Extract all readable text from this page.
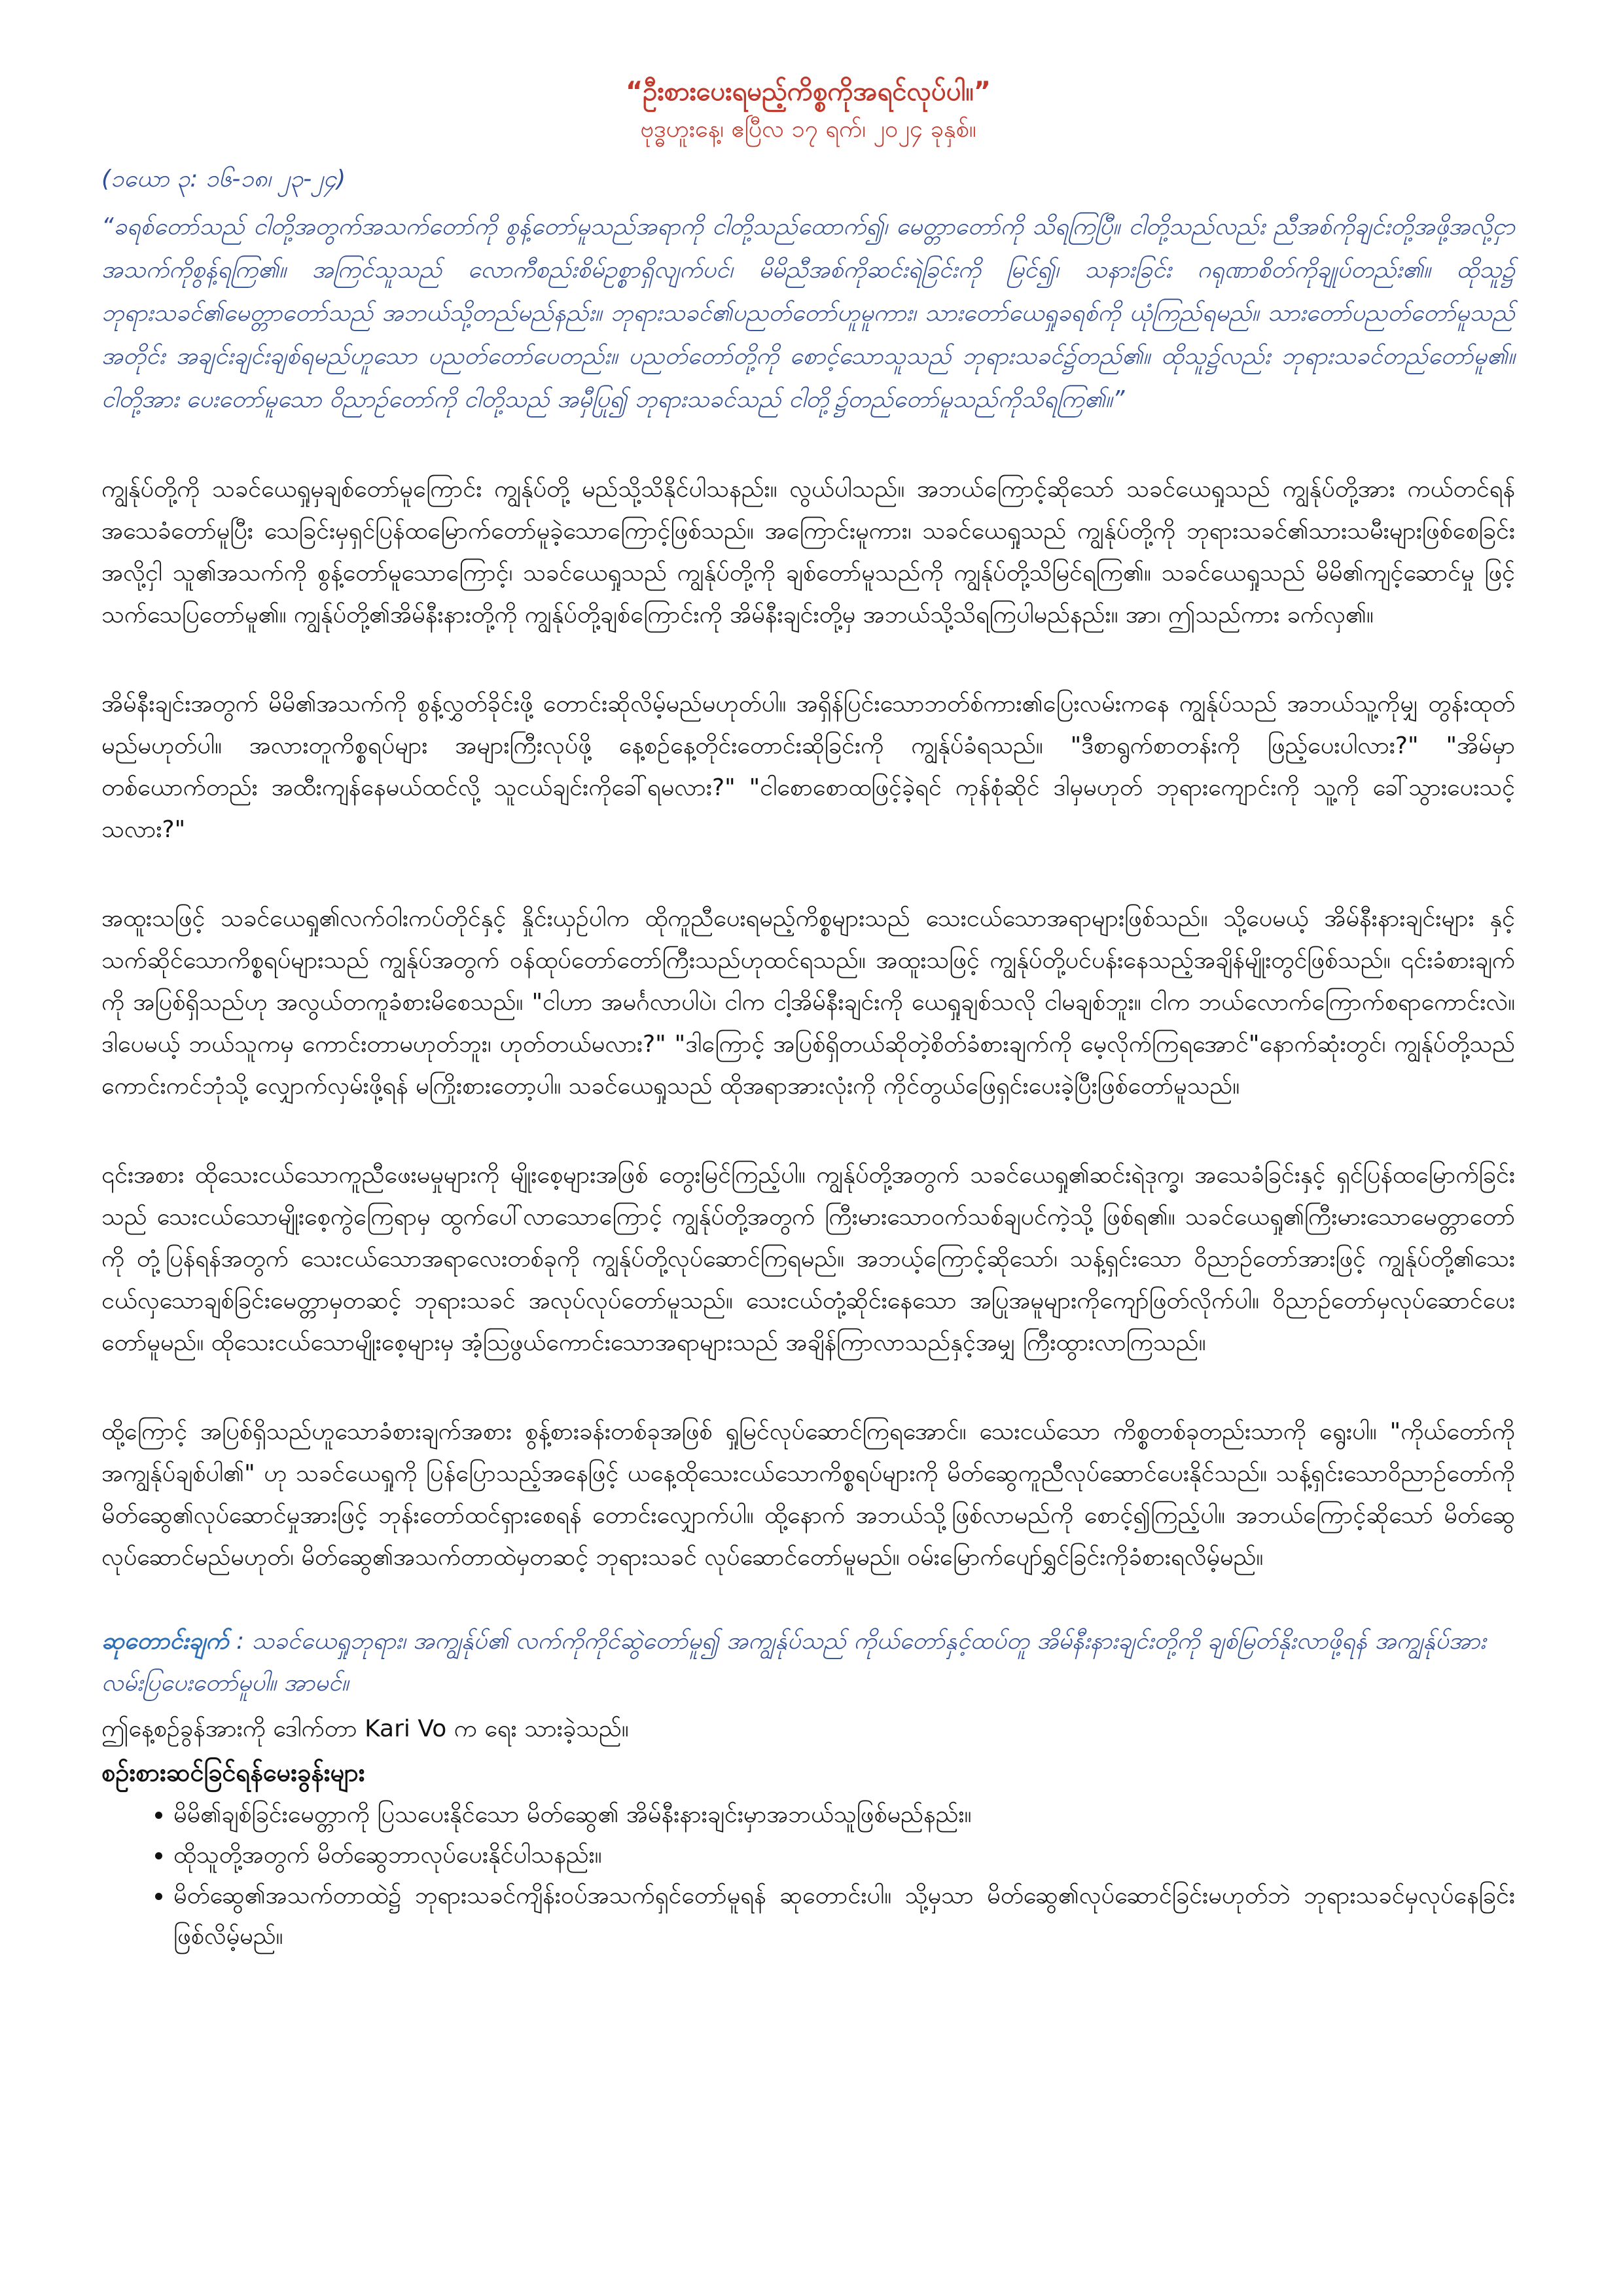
“ဦးစားပေးရမည့်ကိစ္စကိုအရင်လုပ်ပါ။”

ဗုဒ္ဓဟူးနေ့၊ ဧပြီလ ၁၇ ရက်၊ ၂၀၂၄ ခုနှစ်။

(၁ယော ၃: ၁၆-၁၈၊ ၂၃-၂၄)

“ခရစ်တော်သည် ငါတို့အတွက်အသက်တော်ကို စွန့်တော်မူသည်အရာကို ငါတို့သည်ထောက်၍၊ မေတ္တာတော်ကို သိရကြပြီ။ ငါတို့သည်လည်း ညီအစ်ကိုချင်းတို့အဖို့အလို့ငှာ အသက်ကိုစွန့်ရကြ၏။ အကြင်သူသည် လောကီစည်းစိမ်ဥစ္စာရှိလျက်ပင်၊ မိမိညီအစ်ကိုဆင်းရဲခြင်းကို မြင်၍၊ သနားခြင်း ဂရုဏာစိတ်ကိုချုပ်တည်း၏။ ထိုသူ၌ ဘုရားသခင်၏မေတ္တာတော်သည် အဘယ်သို့တည်မည်နည်း။ ဘုရားသခင်၏ပညတ်တော်ဟူမူကား၊ သားတော်ယေရှုခရစ်ကို ယုံကြည်ရမည်။ သားတော်ပညတ်တော်မူသည်အတိုင်း အချင်းချင်းချစ်ရမည်ဟူသော ပညတ်တော်ပေတည်း။ ပညတ်တော်တို့ကို စောင့်သောသူသည် ဘုရားသခင်၌တည်၏။ ထိုသူ၌လည်း ဘုရားသခင်တည်တော်မူ၏။ ငါတို့အား ပေးတော်မူသော ဝိညာဉ်တော်ကို ငါတို့သည် အမှီပြု၍ ဘုရားသခင်သည် ငါတို့၌တည်တော်မူသည်ကိုသိရကြ၏။”

ကျွန်ုပ်တို့ကို သခင်ယေရှုမှချစ်တော်မူကြောင်း ကျွန်ုပ်တို့ မည်သို့သိနိုင်ပါသနည်း။ လွယ်ပါသည်။ အဘယ်ကြောင့်ဆိုသော် သခင်ယေရှုသည် ကျွန်ုပ်တို့အား ကယ်တင်ရန်အသေခံတော်မူပြီး သေခြင်းမှရှင်ပြန်ထမြောက်တော်မူခဲ့သောကြောင့်ဖြစ်သည်။ အကြောင်းမူကား၊ သခင်ယေရှုသည် ကျွန်ုပ်တို့ကို ဘုရားသခင်၏သားသမီးများဖြစ်စေခြင်းအလို့ငှါ သူ၏အသက်ကို စွန့်တော်မူသောကြောင့်၊ သခင်ယေရှုသည် ကျွန်ုပ်တို့ကို ချစ်တော်မူသည်ကို ကျွန်ုပ်တို့သိမြင်ရကြ၏။ သခင်ယေရှုသည် မိမိ၏ကျင့်ဆောင်မှု ဖြင့် သက်သေပြတော်မူ၏။ ကျွန်ုပ်တို့၏အိမ်နီးနားတို့ကို ကျွန်ုပ်တို့ချစ်ကြောင်းကို အိမ်နီးချင်းတို့မှ အဘယ်သို့သိရကြပါမည်နည်း။ အာ၊ ဤသည်ကား ခက်လှ၏။

အိမ်နီးချင်းအတွက် မိမိ၏အသက်ကို စွန့်လွှတ်ခိုင်းဖို့ တောင်းဆိုလိမ့်မည်မဟုတ်ပါ။ အရှိန်ပြင်းသောဘတ်စ်ကား၏ပြေးလမ်းကနေ ကျွန်ုပ်သည် အဘယ်သူ့ကိုမျှ တွန်းထုတ်မည်မဟုတ်ပါ။ အလားတူကိစ္စရပ်များ အများကြီးလုပ်ဖို့ နေ့စဉ်နေ့တိုင်းတောင်းဆိုခြင်းကို ကျွန်ုပ်ခံရသည်။ "ဒီစာရွက်စာတန်းကို ဖြည့်ပေးပါလား?" "အိမ်မှာ တစ်ယောက်တည်း အထီးကျန်နေမယ်ထင်လို့ သူငယ်ချင်းကိုခေါ်ရမလား?" "ငါစောစောထဖြင့်ခဲ့ရင် ကုန်စုံဆိုင် ဒါမှမဟုတ် ဘုရားကျောင်းကို သူ့ကို ခေါ်သွားပေးသင့်သလား?"

အထူးသဖြင့် သခင်ယေရှု၏လက်ဝါးကပ်တိုင်နှင့် နှိုင်းယှဉ်ပါက ထိုကူညီပေးရမည့်ကိစ္စများသည် သေးငယ်သောအရာများဖြစ်သည်။ သို့ပေမယ့် အိမ်နီးနားချင်းများ နှင့်သက်ဆိုင်သောကိစ္စရပ်များသည် ကျွန်ုပ်အတွက် ဝန်ထုပ်တော်တော်ကြီးသည်ဟုထင်ရသည်။ အထူးသဖြင့် ကျွန်ုပ်တို့ပင်ပန်းနေသည့်အချိန်မျိုးတွင်ဖြစ်သည်။ ၎င်းခံစားချက်ကို အပြစ်ရှိသည်ဟု အလွယ်တကူခံစားမိစေသည်။ "ငါဟာ အမင်္ဂလာပါပဲ၊ ငါက ငါ့အိမ်နီးချင်းကို ယေရှုချစ်သလို ငါမချစ်ဘူး။ ငါက ဘယ်လောက်ကြောက်စရာကောင်းလဲ။ ဒါပေမယ့် ဘယ်သူကမှ ကောင်းတာမဟုတ်ဘူး၊ ဟုတ်တယ်မလား?" "ဒါကြောင့် အပြစ်ရှိတယ်ဆိုတဲ့စိတ်ခံစားချက်ကို မေ့လိုက်ကြရအောင်"နောက်ဆုံးတွင်၊ ကျွန်ုပ်တို့သည် ကောင်းကင်ဘုံသို့ လျှောက်လှမ်းဖို့ရန် မကြိုးစားတော့ပါ။ သခင်ယေရှုသည် ထိုအရာအားလုံးကို ကိုင်တွယ်ဖြေရှင်းပေးခဲ့ပြီးဖြစ်တော်မူသည်။

၎င်းအစား ထိုသေးငယ်သောကူညီဖေးမမှုများကို မျိုးစေ့များအဖြစ် တွေးမြင်ကြည့်ပါ။ ကျွန်ုပ်တို့အတွက် သခင်ယေရှု၏ဆင်းရဲဒုက္ခ၊ အသေခံခြင်းနှင့် ရှင်ပြန်ထမြောက်ခြင်းသည် သေးငယ်သောမျိုးစေ့ကွဲကြေရာမှ ထွက်ပေါ်လာသောကြောင့် ကျွန်ုပ်တို့အတွက် ကြီးမားသောဝက်သစ်ချပင်ကဲ့သို့ ဖြစ်ရ၏။ သခင်ယေရှု၏ကြီးမားသောမေတ္တာတော်ကို တုံ့ပြန်ရန်အတွက် သေးငယ်သောအရာလေးတစ်ခုကို ကျွန်ုပ်တို့လုပ်ဆောင်ကြရမည်။ အဘယ့်ကြောင့်ဆိုသော်၊ သန့်ရှင်းသော ဝိညာဉ်တော်အားဖြင့် ကျွန်ုပ်တို့၏သေးငယ်လှသောချစ်ခြင်းမေတ္တာမှတဆင့် ဘုရားသခင် အလုပ်လုပ်တော်မူသည်။ သေးငယ်တုံ့ဆိုင်းနေသော အပြုအမူများကိုကျော်ဖြတ်လိုက်ပါ။ ဝိညာဉ်တော်မှလုပ်ဆောင်ပေးတော်မူမည်။ ထိုသေးငယ်သောမျိုးစေ့များမှ အံ့သြဖွယ်ကောင်းသောအရာများသည် အချိန်ကြာလာသည်နှင့်အမျှ ကြီးထွားလာကြသည်။

ထို့ကြောင့် အပြစ်ရှိသည်ဟူသောခံစားချက်အစား စွန့်စားခန်းတစ်ခုအဖြစ် ရှုမြင်လုပ်ဆောင်ကြရအောင်။ သေးငယ်သော ကိစ္စတစ်ခုတည်းသာကို ရွေးပါ။ "ကိုယ်တော်ကို အကျွန်ုပ်ချစ်ပါ၏" ဟု သခင်ယေရှုကို ပြန်ပြောသည့်အနေဖြင့် ယနေ့ထိုသေးငယ်သောကိစ္စရပ်များကို မိတ်ဆွေကူညီလုပ်ဆောင်ပေးနိုင်သည်။ သန့်ရှင်းသောဝိညာဉ်တော်ကို မိတ်ဆွေ၏လုပ်ဆောင်မှုအားဖြင့် ဘုန်းတော်ထင်ရှားစေရန် တောင်းလျှောက်ပါ။ ထို့နောက် အဘယ်သို့ဖြစ်လာမည်ကို စောင့်၍ကြည့်ပါ။ အဘယ်ကြောင့်ဆိုသော် မိတ်ဆွေလုပ်ဆောင်မည်မဟုတ်၊ မိတ်ဆွေ၏အသက်တာထဲမှတဆင့် ဘုရားသခင် လုပ်ဆောင်တော်မူမည်။ ဝမ်းမြောက်ပျော်ရွှင်ခြင်းကိုခံစားရလိမ့်မည်။

ဆုတောင်းချက် : သခင်ယေရှုဘုရား၊ အကျွန်ုပ်၏ လက်ကိုကိုင်ဆွဲတော်မူ၍ အကျွန်ုပ်သည် ကိုယ်တော်နှင့်ထပ်တူ အိမ်နီးနားချင်းတို့ကို ချစ်မြတ်နိုးလာဖို့ရန် အကျွန်ုပ်အား လမ်းပြပေးတော်မူပါ။ အာမင်။

ဤနေ့စဉ်ခွန်အားကို ဒေါက်တာ Kari Vo က ရေး သားခဲ့သည်။

စဉ်းစားဆင်ခြင်ရန်မေးခွန်းများ

• မိမိ၏ချစ်ခြင်းမေတ္တာကို ပြသပေးနိုင်သော မိတ်ဆွေ၏ အိမ်နီးနားချင်းမှာအဘယ်သူဖြစ်မည်နည်း။
• ထိုသူတို့အတွက် မိတ်ဆွေဘာလုပ်ပေးနိုင်ပါသနည်း။
• မိတ်ဆွေ၏အသက်တာထဲ၌ ဘုရားသခင်ကျိန်းဝပ်အသက်ရှင်တော်မူရန် ဆုတောင်းပါ။ သို့မှသာ မိတ်ဆွေ၏လုပ်ဆောင်ခြင်းမဟုတ်ဘဲ ဘုရားသခင်မှလုပ်နေခြင်းဖြစ်လိမ့်မည်။
